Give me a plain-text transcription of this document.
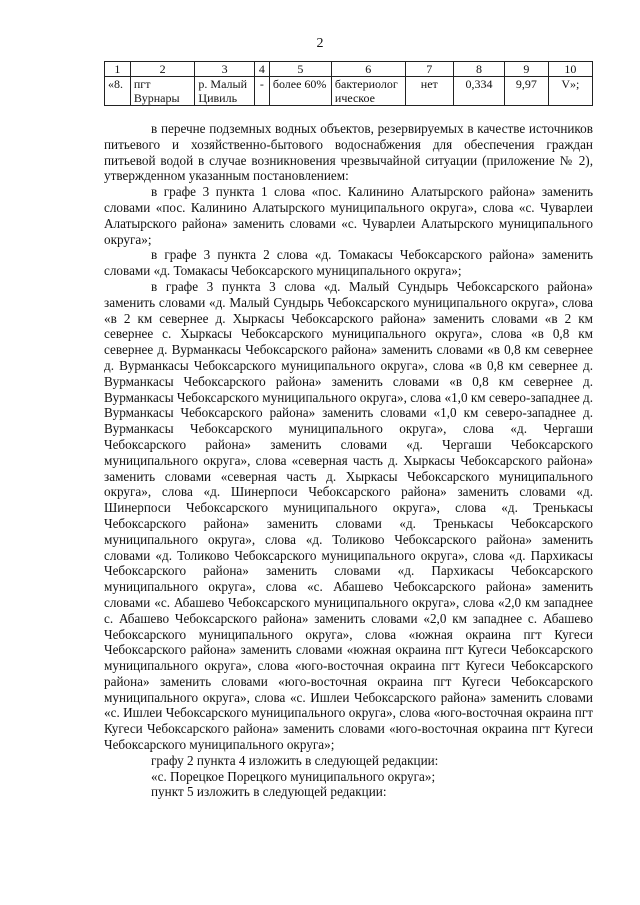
2
1	2	3	4	5	6	7	8	9	10
«8.	пгт Вурнары	р. Малый Цивиль	-	более 60%	бактериологическое	нет	0,334	9,97	V»;

в перечне подземных водных объектов, резервируемых в качестве источников питьевого и хозяйственно-бытового водоснабжения для обеспечения граждан питьевой водой в случае возникновения чрезвычайной ситуации (приложение № 2), утвержденном указанным постановлением:

в графе 3 пункта 1 слова «пос. Калинино Алатырского района» заменить словами «пос. Калинино Алатырского муниципального округа», слова «с. Чуварлеи Алатырского района» заменить словами «с. Чуварлеи Алатырского муниципального округа»;

в графе 3 пункта 2 слова «д. Томакасы Чебоксарского района» заменить словами «д. Томакасы Чебоксарского муниципального округа»;

в графе 3 пункта 3 слова «д. Малый Сундырь Чебоксарского района» заменить словами «д. Малый Сундырь Чебоксарского муниципального округа», слова «в 2 км севернее д. Хыркасы Чебоксарского района» заменить словами «в 2 км севернее с. Хыркасы Чебоксарского муниципального округа», слова «в 0,8 км севернее д. Вурманкасы Чебоксарского района» заменить словами «в 0,8 км севернее д. Вурманкасы Чебоксарского муниципального округа», слова «в 0,8 км севернее д. Вурманкасы Чебоксарского района» заменить словами «в 0,8 км севернее д. Вурманкасы Чебоксарского муниципального округа», слова «1,0 км северо-западнее д. Вурманкасы Чебоксарского района» заменить словами «1,0 км северо-западнее д. Вурманкасы Чебоксарского муниципального округа», слова «д. Чергаши Чебоксарского района» заменить словами «д. Чергаши Чебоксарского муниципального округа», слова «северная часть д. Хыркасы Чебоксарского района» заменить словами «северная часть д. Хыркасы Чебоксарского муниципального округа», слова «д. Шинерпоси Чебоксарского района» заменить словами «д. Шинерпоси Чебоксарского муниципального округа», слова «д. Тренькасы Чебоксарского района» заменить словами «д. Тренькасы Чебоксарского муниципального округа», слова «д. Толиково Чебоксарского района» заменить словами «д. Толиково Чебоксарского муниципального округа», слова «д. Пархикасы Чебоксарского района» заменить словами «д. Пархикасы Чебоксарского муниципального округа», слова «с. Абашево Чебоксарского района» заменить словами «с. Абашево Чебоксарского муниципального округа», слова «2,0 км западнее с. Абашево Чебоксарского района» заменить словами «2,0 км западнее с. Абашево Чебоксарского муниципального округа», слова «южная окраина пгт Кугеси Чебоксарского района» заменить словами «южная окраина пгт Кугеси Чебоксарского муниципального округа», слова «юго-восточная окраина пгт Кугеси Чебоксарского района» заменить словами «юго-восточная окраина пгт Кугеси Чебоксарского муниципального округа», слова «с. Ишлеи Чебоксарского района» заменить словами «с. Ишлеи Чебоксарского муниципального округа», слова «юго-восточная окраина пгт Кугеси Чебоксарского района» заменить словами «юго-восточная окраина пгт Кугеси Чебоксарского муниципального округа»;

графу 2 пункта 4 изложить в следующей редакции:

«с. Порецкое Порецкого муниципального округа»;

пункт 5 изложить в следующей редакции:
